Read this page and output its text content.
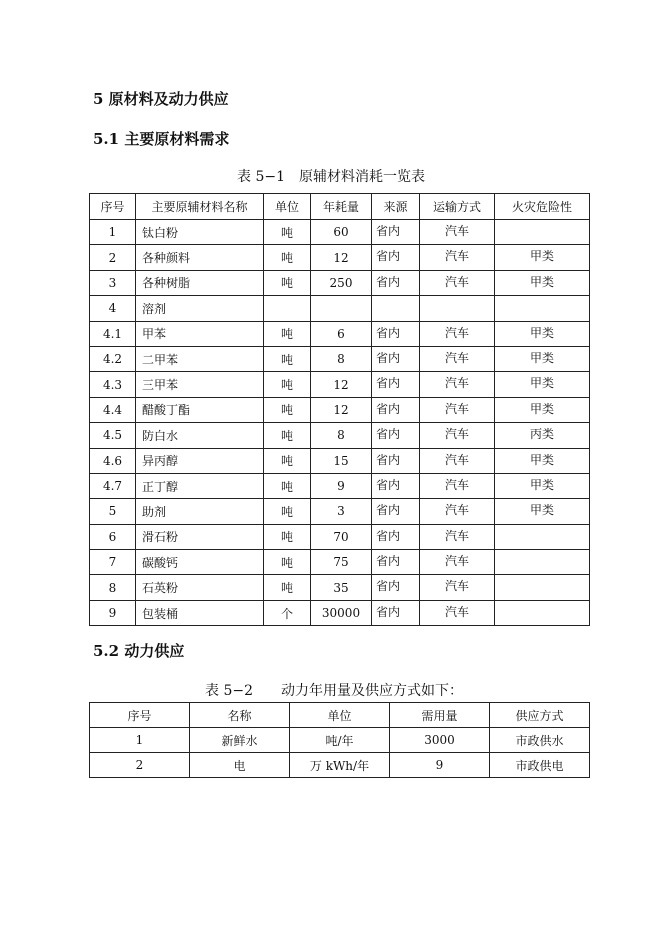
5 原材料及动力供应
5.1 主要原材料需求
表 5−1　原辅材料消耗一览表
序号	主要原辅材料名称	单位	年耗量	来源	运输方式	火灾危险性
1	钛白粉	吨	60	省内	汽车	
2	各种颜料	吨	12	省内	汽车	甲类
3	各种树脂	吨	250	省内	汽车	甲类
4	溶剂					
4.1	甲苯	吨	6	省内	汽车	甲类
4.2	二甲苯	吨	8	省内	汽车	甲类
4.3	三甲苯	吨	12	省内	汽车	甲类
4.4	醋酸丁酯	吨	12	省内	汽车	甲类
4.5	防白水	吨	8	省内	汽车	丙类
4.6	异丙醇	吨	15	省内	汽车	甲类
4.7	正丁醇	吨	9	省内	汽车	甲类
5	助剂	吨	3	省内	汽车	甲类
6	滑石粉	吨	70	省内	汽车	
7	碳酸钙	吨	75	省内	汽车	
8	石英粉	吨	35	省内	汽车	
9	包装桶	个	30000	省内	汽车	
5.2 动力供应
表 5−2　　动力年用量及供应方式如下：
序号	名称	单位	需用量	供应方式
1	新鲜水	吨/年	3000	市政供水
2	电	万 kWh/年	9	市政供电
